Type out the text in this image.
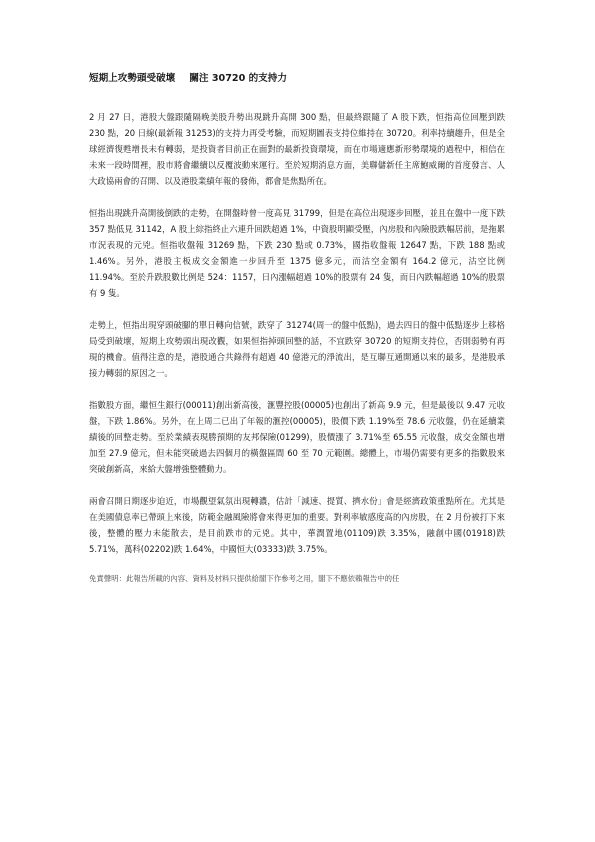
短期上攻勢頭受破壞 關注 30720 的支持力

2 月 27 日，港股大盤跟隨隔晚美股升勢出現跳升高開 300 點，但最終跟隨了 A 股下跌，恒指高位回壓到跌 230 點，20 日線(最新報 31253)的支持力再受考驗，而短期圖表支持位維持在 30720。利率持續趨升，但是全球經濟復甦增長未有轉弱，是投資者目前正在面對的最新投資環境，而在市場適應新形勢環境的過程中，相信在未來一段時間裡，股市將會繼續以反覆波動來運行。至於短期消息方面，美聯儲新任主席鮑威爾的首度發言、人大政協兩會的召開、以及港股業績年報的發佈，都會是焦點所在。

恒指出現跳升高開後倒跌的走勢，在開盤時曾一度高見 31799，但是在高位出現逐步回壓，並且在盤中一度下跌 357 點低見 31142，A 股上綜指終止六連升回跌超過 1%，中資股明顯受壓，內房股和內險股跌幅居前，是拖累市況表現的元兇。恒指收盤報 31269 點，下跌 230 點或 0.73%，國指收盤報 12647 點，下跌 188 點或 1.46%。另外，港股主板成交金額進一步回升至 1375 億多元，而沽空金額有 164.2 億元，沽空比例 11.94%。至於升跌股數比例是 524：1157，日內漲幅超過 10%的股票有 24 隻，而日內跌幅超過 10%的股票有 9 隻。

走勢上，恒指出現穿頭破腳的單日轉向信號，跌穿了 31274(周一的盤中低點)，過去四日的盤中低點逐步上移格局受到破壞，短期上攻勢頭出現改觀，如果恒指掉頭回整的話，不宜跌穿 30720 的短期支持位，否則弱勢有再現的機會。值得注意的是，港股通合共錄得有超過 40 億港元的淨流出，是互聯互通開通以來的最多，是港股承接力轉弱的原因之一。

指數股方面，繼恒生銀行(00011)創出新高後，滙豐控股(00005)也創出了新高 9.9 元，但是最後以 9.47 元收盤，下跌 1.86%。另外，在上周二已出了年報的滙控(00005)，股價下跌 1.19%至 78.6 元收盤，仍在延續業績後的回整走勢。至於業績表現勝預期的友邦保險(01299)，股價漲了 3.71%至 65.55 元收盤，成交金額也增加至 27.9 億元，但未能突破過去四個月的橫盤區間 60 至 70 元範圍。總體上，市場仍需要有更多的指數股來突破創新高，來給大盤增強整體動力。

兩會召開日期逐步迫近，市場觀望氣氛出現轉濃，估計「減速、提質、擠水份」會是經濟政策重點所在。尤其是在美國債息率已帶頭上來後，防範金融風險將會來得更加的重要。對利率敏感度高的內房股，在 2 月份被打下來後，整體的壓力未能散去，是目前跌市的元兇。其中，華潤置地(01109)跌 3.35%，融創中國(01918)跌 5.71%，萬科(02202)跌 1.64%，中國恒大(03333)跌 3.75%。

免責聲明：此報告所載的內容、資料及材料只提供給閣下作參考之用，閣下不應依賴報告中的任
